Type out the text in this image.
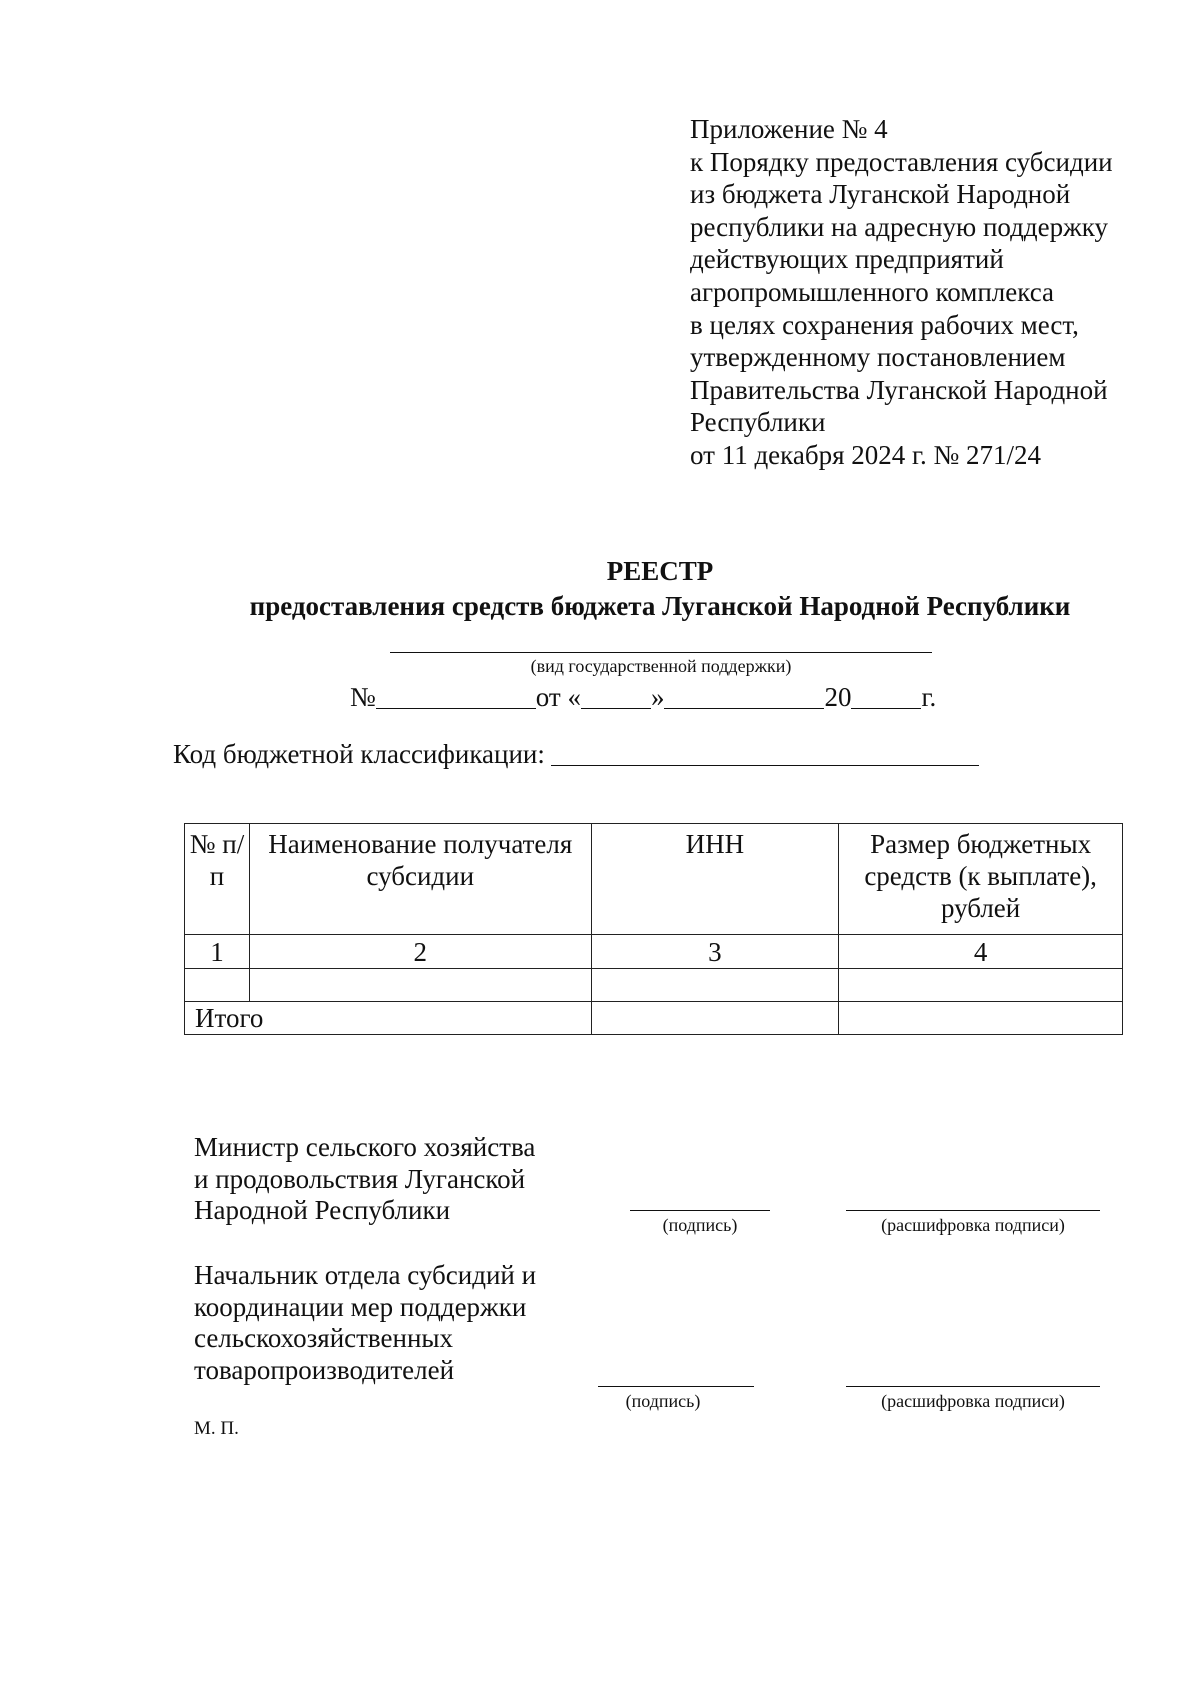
Приложение № 4
к Порядку предоставления субсидии
из бюджета Луганской Народной
республики на адресную поддержку
действующих предприятий
агропромышленного комплекса
в целях сохранения рабочих мест,
утвержденному постановлением
Правительства Луганской Народной
Республики
от 11 декабря 2024 г. № 271/24
РЕЕСТР
предоставления средств бюджета Луганской Народной Республики
(вид государственной поддержки)
№	от «	»	20	г.
Код бюджетной классификации:
№ п/п	Наименование получателя субсидии	ИНН	Размер бюджетных средств (к выплате), рублей
1	2	3	4

Итого			
Министр сельского хозяйства
и продовольствия Луганской
Народной Республики	(подпись)	(расшифровка подписи)
Начальник отдела субсидий и
координации мер поддержки
сельскохозяйственных
товаропроизводителей
(подпись)	(расшифровка подписи)
М. П.
